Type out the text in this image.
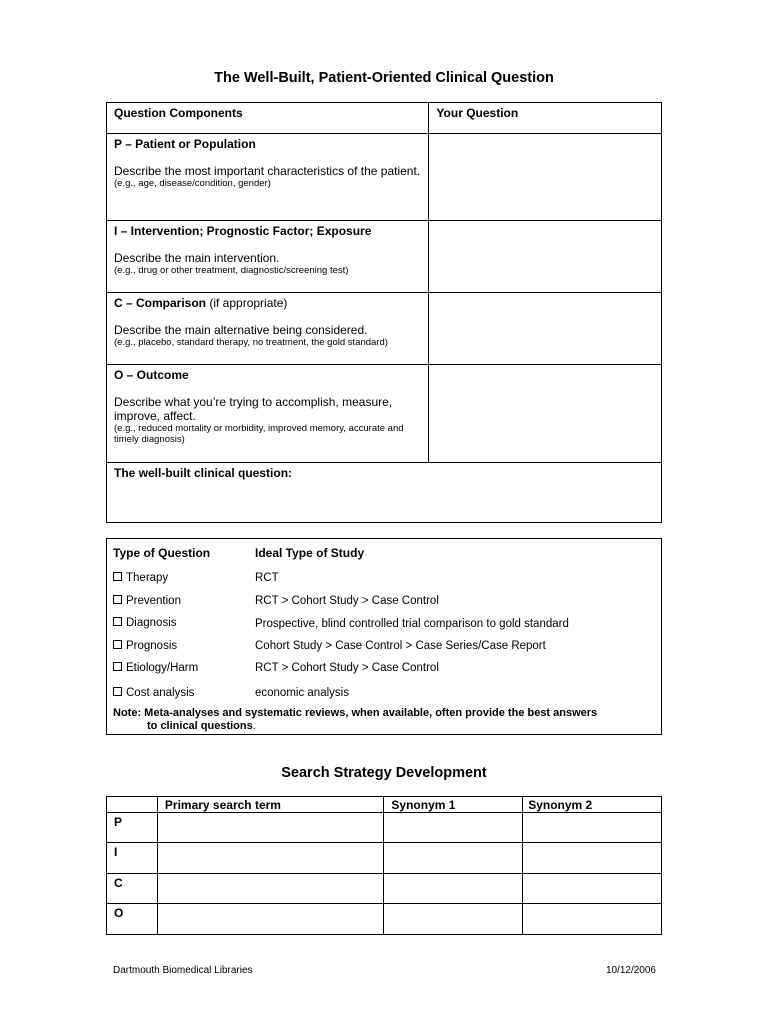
The Well-Built, Patient-Oriented Clinical Question
Question Components	Your Question

P – Patient or Population
Describe the most important characteristics of the patient.
(e.g., age, disease/condition, gender)	

I – Intervention; Prognostic Factor; Exposure
Describe the main intervention.
(e.g., drug or other treatment, diagnostic/screening test)	

C – Comparison (if appropriate)
Describe the main alternative being considered.
(e.g., placebo, standard therapy, no treatment, the gold standard)	

O – Outcome
Describe what you’re trying to accomplish, measure, improve, affect.
(e.g., reduced mortality or morbidity, improved memory, accurate and timely diagnosis)	

The well-built clinical question:	
Type of Question	Ideal Type of Study
Therapy	RCT
Prevention	RCT > Cohort Study > Case Control
Diagnosis	Prospective, blind controlled trial comparison to gold standard
Prognosis	Cohort Study > Case Control > Case Series/Case Report
Etiology/Harm	RCT > Cohort Study > Case Control
Cost analysis	economic analysis
Note: Meta-analyses and systematic reviews, when available, often provide the best answers
to clinical questions.
Search Strategy Development
	Primary search term	Synonym 1	Synonym 2
P			
I			
C			
O			
Dartmouth Biomedical Libraries	10/12/2006
